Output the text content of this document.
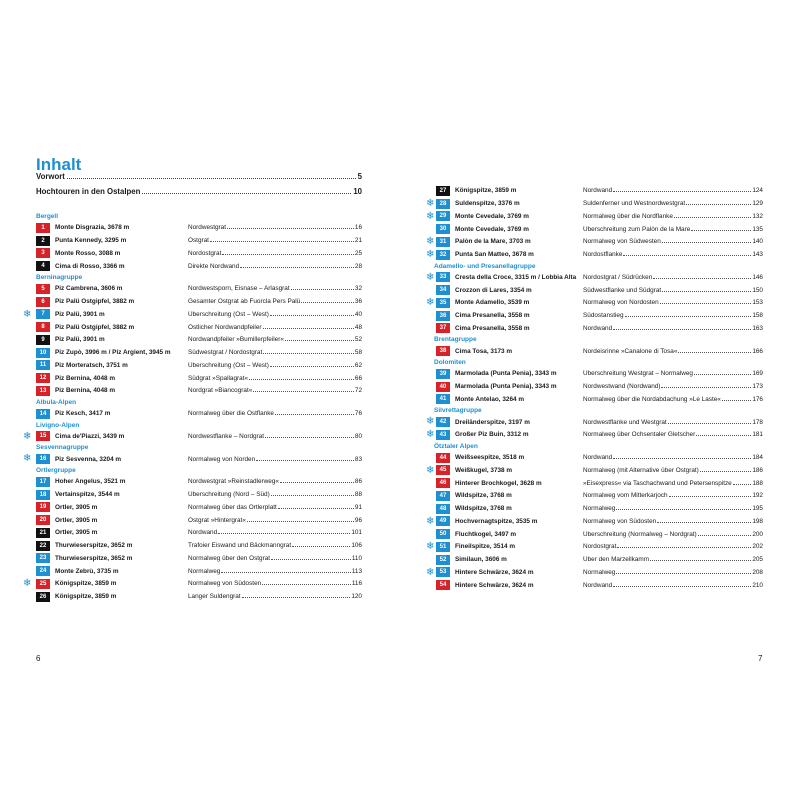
Inhalt
Vorwort	5
Hochtouren in den Ostalpen	10
Bergell
1	Monte Disgrazia, 3678 m	Nordwestgrat	16
2	Punta Kennedy, 3295 m	Ostgrat	21
3	Monte Rosso, 3088 m	Nordostgrat	25
4	Cima di Rosso, 3366 m	Direkte Nordwand	28
Berninagruppe
5	Piz Cambrena, 3606 m	Nordwestsporn, Eisnase – Arlasgrat	32
6	Piz Palü Ostgipfel, 3882 m	Gesamter Ostgrat ab Fuorcla Pers Palü	36
❄	7	Piz Palü, 3901 m	Überschreitung (Ost – West)	40
8	Piz Palü Ostgipfel, 3882 m	Östlicher Nordwandpfeiler	48
9	Piz Palü, 3901 m	Nordwandpfeiler »Bumillerpfeiler«	52
10	Piz Zupò, 3996 m / Piz Argient, 3945 m	Südwestgrat / Nordostgrat	58
11	Piz Morteratsch, 3751 m	Überschreitung (Ost – West)	62
12	Piz Bernina, 4048 m	Südgrat »Spallagrat«	66
13	Piz Bernina, 4048 m	Nordgrat »Biancograt«	72
Albula-Alpen
14	Piz Kesch, 3417 m	Normalweg über die Ostflanke	76
Livigno-Alpen
❄	15	Cima de'Piazzi, 3439 m	Nordwestflanke – Nordgrat	80
Sesvennagruppe
❄	16	Piz Sesvenna, 3204 m	Normalweg von Norden	83
Ortlergruppe
17	Hoher Angelus, 3521 m	Nordwestgrat »Reinstadlerweg«	86
18	Vertainspitze, 3544 m	Überschreitung (Nord – Süd)	88
19	Ortler, 3905 m	Normalweg über das Ortlerplatt	91
20	Ortler, 3905 m	Ostgrat »Hintergrat«	96
21	Ortler, 3905 m	Nordwand	101
22	Thurwieserspitze, 3652 m	Trafoier Eiswand und Bäckmanngrat	106
23	Thurwieserspitze, 3652 m	Normalweg über den Ostgrat	110
24	Monte Zebrù, 3735 m	Normalweg	113
❄	25	Königspitze, 3859 m	Normalweg von Südosten	116
26	Königspitze, 3859 m	Langer Suldengrat	120
6
27	Königspitze, 3859 m	Nordwand	124
❄ 28	Suldenspitze, 3376 m	Suldenferner und Westnordwestgrat	129
❄ 29	Monte Cevedale, 3769 m	Normalweg über die Nordflanke	132
30	Monte Cevedale, 3769 m	Überschreitung zum Palòn de la Mare	135
❄ 31	Palòn de la Mare, 3703 m	Normalweg von Südwesten	140
❄ 32	Punta San Matteo, 3678 m	Nordostflanke	143
Adamello- und Presanellagruppe
❄ 33	Cresta della Croce, 3315 m / Lobbia Alta	Nordostgrat / Südrücken	146
34	Crozzon di Lares, 3354 m	Südwestflanke und Südgrat	150
❄ 35	Monte Adamello, 3539 m	Normalweg von Nordosten	153
36	Cima Presanella, 3558 m	Südostanstieg	158
37	Cima Presanella, 3558 m	Nordwand	163
Brentagruppe
38	Cima Tosa, 3173 m	Nordeisrinne »Canalone di Tosa«	166
Dolomiten
39	Marmolada (Punta Penia), 3343 m	Überschreitung Westgrat – Normalweg	169
40	Marmolada (Punta Penia), 3343 m	Nordwestwand (Nordwand)	173
41	Monte Antelao, 3264 m	Normalweg über die Nordabdachung »Le Laste«	176
Silvrettagruppe
❄ 42	Dreiländerspitze, 3197 m	Nordwestflanke und Westgrat	178
❄ 43	Großer Piz Buin, 3312 m	Normalweg über Ochsentaler Gletscher	181
Ötztaler Alpen
44	Weißseespitze, 3518 m	Nordwand	184
❄ 45	Weißkugel, 3738 m	Normalweg (mit Alternative über Ostgrat)	186
46	Hinterer Brochkogel, 3628 m	»Eisexpress« via Taschachwand und Petersenspitze	188
47	Wildspitze, 3768 m	Normalweg vom Mitterkarjoch	192
48	Wildspitze, 3768 m	Normalweg	195
❄ 49	Hochvernagtspitze, 3535 m	Normalweg von Südosten	198
50	Fluchtkogel, 3497 m	Überschreitung (Normalweg – Nordgrat)	200
❄ 51	Fineilspitze, 3514 m	Nordostgrat	202
52	Similaun, 3606 m	Über den Marzellkamm	205
❄ 53	Hintere Schwärze, 3624 m	Normalweg	208
54	Hintere Schwärze, 3624 m	Nordwand	210
7
